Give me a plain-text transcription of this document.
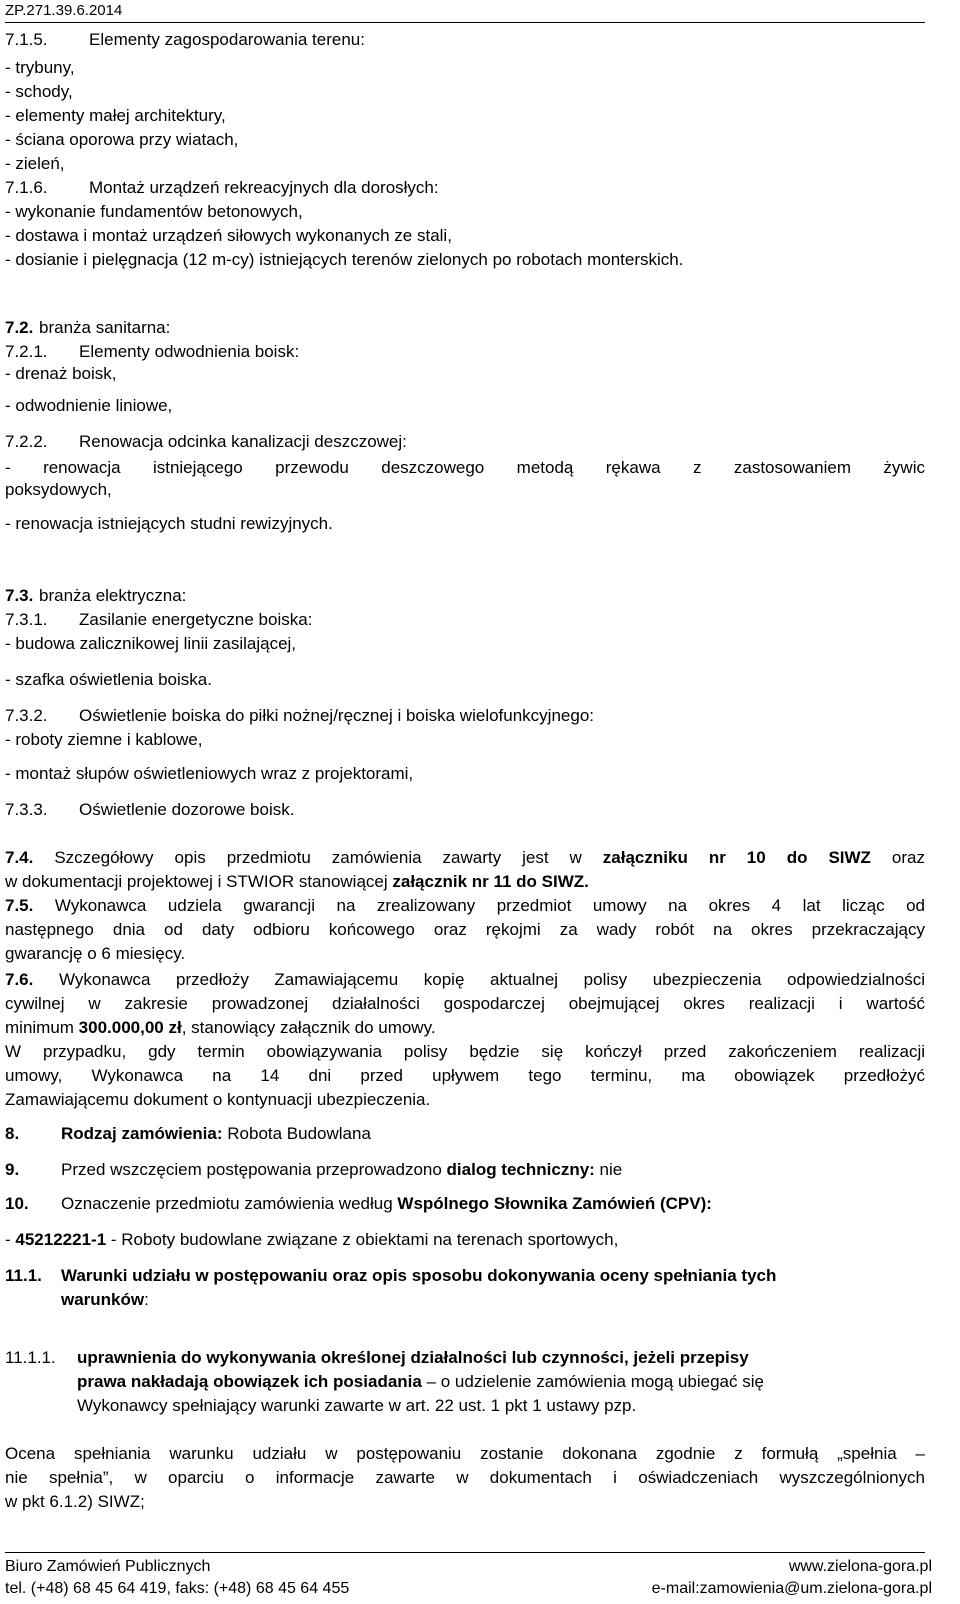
ZP.271.39.6.2014
7.1.5. Elementy zagospodarowania terenu:
- trybuny,
- schody,
- elementy małej architektury,
- ściana oporowa przy wiatach,
- zieleń,
7.1.6. Montaż urządzeń rekreacyjnych dla dorosłych:
- wykonanie fundamentów betonowych,
- dostawa i montaż urządzeń siłowych wykonanych ze stali,
- dosianie i pielęgnacja (12 m-cy) istniejących terenów zielonych po robotach monterskich.
7.2. branża sanitarna:
7.2.1. Elementy odwodnienia boisk:
- drenaż boisk,
- odwodnienie liniowe,
7.2.2. Renowacja odcinka kanalizacji deszczowej:
- renowacja istniejącego przewodu deszczowego metodą rękawa z zastosowaniem żywic
poksydowych,
- renowacja istniejących studni rewizyjnych.
7.3. branża elektryczna:
7.3.1. Zasilanie energetyczne boiska:
- budowa zalicznikowej linii zasilającej,
- szafka oświetlenia boiska.
7.3.2. Oświetlenie boiska do piłki nożnej/ręcznej i boiska wielofunkcyjnego:
- roboty ziemne i kablowe,
- montaż słupów oświetleniowych wraz z projektorami,
7.3.3. Oświetlenie dozorowe boisk.
7.4. Szczegółowy opis przedmiotu zamówienia zawarty jest w załączniku nr 10 do SIWZ oraz
w dokumentacji projektowej i STWIOR stanowiącej załącznik nr 11 do SIWZ.
7.5. Wykonawca udziela gwarancji na zrealizowany przedmiot umowy na okres 4 lat licząc od
następnego dnia od daty odbioru końcowego oraz rękojmi za wady robót na okres przekraczający
gwarancję o 6 miesięcy.
7.6. Wykonawca przedłoży Zamawiającemu kopię aktualnej polisy ubezpieczenia odpowiedzialności
cywilnej w zakresie prowadzonej działalności gospodarczej obejmującej okres realizacji i wartość
minimum 300.000,00 zł, stanowiący załącznik do umowy.
W przypadku, gdy termin obowiązywania polisy będzie się kończył przed zakończeniem realizacji
umowy, Wykonawca na 14 dni przed upływem tego terminu, ma obowiązek przedłożyć
Zamawiającemu dokument o kontynuacji ubezpieczenia.
8. Rodzaj zamówienia: Robota Budowlana
9. Przed wszczęciem postępowania przeprowadzono dialog techniczny: nie
10. Oznaczenie przedmiotu zamówienia według Wspólnego Słownika Zamówień (CPV):
- 45212221-1 - Roboty budowlane związane z obiektami na terenach sportowych,
11.1. Warunki udziału w postępowaniu oraz opis sposobu dokonywania oceny spełniania tych
warunków:
11.1.1. uprawnienia do wykonywania określonej działalności lub czynności, jeżeli przepisy
prawa nakładają obowiązek ich posiadania – o udzielenie zamówienia mogą ubiegać się
Wykonawcy spełniający warunki zawarte w art. 22 ust. 1 pkt 1 ustawy pzp.
Ocena spełniania warunku udziału w postępowaniu zostanie dokonana zgodnie z formułą „spełnia –
nie spełnia”, w oparciu o informacje zawarte w dokumentach i oświadczeniach wyszczególnionych
w pkt 6.1.2) SIWZ;
Biuro Zamówień Publicznych
tel. (+48) 68 45 64 419, faks: (+48) 68 45 64 455
www.zielona-gora.pl
e-mail:zamowienia@um.zielona-gora.pl
